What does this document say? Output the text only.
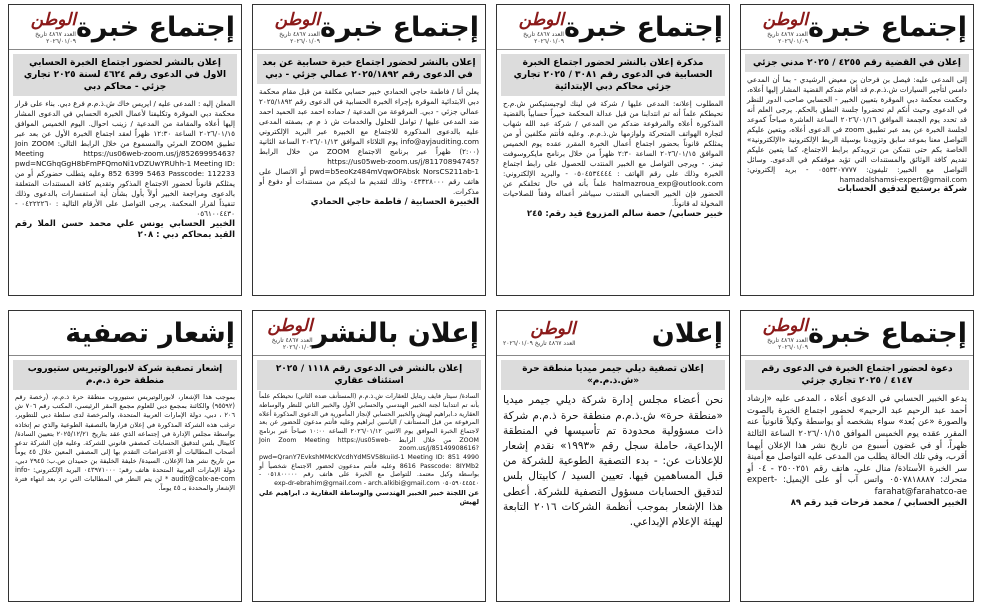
إجتماع خبرة
الوطن
العدد ٤٨٦٧ تاريخ ٢٠٢٦/٠١/٠٩
إعلان في القضية رقم ٤٢٥٥ / ٢٠٢٥ مدني جزئي

إلى المدعى عليه: فيصل بن فرحان بن معيض الرشيدي - بما أن المدعي دامس لتأجير السيارات ش.ذ.م.م قد أقام ضدكم القضية المشار إليها أعلاه، وحكمت محكمة دبي الموقرة بتعيين الخبير - الحسابي صاحب الدور للنظر في الدعوى وحيث أنكم لم تحضروا جلسة النطق بالحكم. يرجى العلم أنه قد تحدد يوم الجمعة الموافق ٢٠٢٦/٠١/١٦ الساعة العاشرة صباحاً كموعد لجلسة الخبرة عن بعد عبر تطبيق zoom في الدعوى أعلاه، ويتعين عليكم التواصل معنا بموعد سابق وتزويدنا بوسيلة الربط الإلكترونية «الإلكترونية» الخاصة بكم حتى نتمكن من تزويدكم برابط الاجتماع، كما يتعين عليكم تقديم كافة الوثائق والمستندات التي تؤيد موقفكم في الدعوى. وسائل التواصل مع الخبير: تليفون: ٠٥٥٣٢٠٧٧٧٧ - بريد إلكتروني: hamadalshamsi-expert@gmail.com

شركة برستيج لتدقيق الحسابات

إجتماع خبرة
الوطن
العدد ٤٨٦٧ تاريخ ٢٠٢٦/٠١/٠٩
مذكرة إعلان بالنشر لحضور اجتماع الخبرة الحسابية في الدعوى رقم ٣٠٨١ / ٢٠٢٥ تجاري جزئي محاكم دبي الإبتدائية

المطلوب إعلانه: المدعى عليها / شركة في لينك لوجيستيكس ش.م.ح نحيطكم علماً أنه تم انتدابنا من قبل عدالة المحكمة خبيراً حسابياً بالقضية المذكورة أعلاه والمرفوعة ضدكم من المدعي / شركة عبد الله شهاب لتجارة الهواتف المتحركة ولوازمها ش.ذ.م.م. وعليه فأنتم مكلفين أو من يمثلكم قانوناً بحضور اجتماع أعمال الخبرة المقرر عقده يوم الخميس الموافق ٢٠٢٦/٠١/١٥ الساعة ٢:٣٠ ظهراً من خلال برنامج مايكروسوفت تيمز. - ويرجى التواصل مع الخبير المنتدب للحصول على رابط اجتماع الخبرة وذلك على رقم الهاتف : ٠٥٠٤٥٣٤٤٤٤ - والبريد الإلكتروني: halmazroua_exp@outlook.com علماً بأنه في حال تخلفكم عن الحضور فإن الخبير الحسابي المنتدب سيباشر أعماله وفقاً للصلاحيات المخولة له قانوناً.

خبير حسابي/ حصة سالم المزروع قيد رقم: ٢٤٥

إجتماع خبرة
الوطن
العدد ٤٨٦٧ تاريخ ٢٠٢٦/٠١/٠٩
إعلان بالنشر لحضور اجتماع خبرة حسابية عن بعد في الدعوى رقم ٢٠٢٥/١٨٩٢ عمالي جزئي - دبي

يعلن أنا / فاطمة حاجي الحمادي خبير حسابي مكلفة من قبل مقام محكمة دبي الابتدائية الموقرة بإجراء الخبرة الحسابية في الدعوى رقم ٢٠٢٥/١٨٩٢ عمالي جزئي - دبي. المرفوعة من المدعية / حماده احمد عبد الحميد احمد ضد المدعى عليها / توامل للحلول والخدمات ش ذ م م. بصفته المدعى عليه بالدعوى المذكورة للاجتماع مع الخبيرة عبر البريد الإلكتروني info@ayjauditing.com يوم الثلاثاء الموافق ٢٠٢٦/٠١/١٣ الساعة الثانية (٢:٠٠) ظهراً عبر برنامج الاجتماع ZOOM من خلال الرابط https://us05web-zoom.us/j/81170894745?pwd=b5eoKz484mVqwOFAbsk NorsCS211ab-1 أو الاتصال على هاتف رقم ٠٤٣٣٢٨٠٠٠ وذلك لتقديم ما لديكم من مستندات أو دفوع أو مذكرات.

الخبيرة الحسابية / فاطمة حاجي الحمادي

إجتماع خبرة
الوطن
العدد ٤٨٦٧ تاريخ ٢٠٢٦/٠١/٠٩
إعلان بالنشر لحضور اجتماع الخبرة الحسابي الاول في الدعوى رقم ٤٦٢٤ لسنة ٢٠٢٥ تجاري جزئي - محاكم دبي

المعلن إليه : المدعى عليه / ايريس خاك ش.ذ.م.م فرع دبي. بناء على قرار محكمة دبي الموقرة وتكليفنا لأعمال الخبرة الحسابي في الدعوى المشار إليها أعلاه والمقامة من المدعية / زينب احوال. اليوم الخميس الموافق ٢٠٢٦/٠١/١٥ الساعة ١٢:٣٠ ظهراً لعقد اجتماع الخبرة الأول عن بعد عبر تطبيق ZOOM المرئي والمسموع من خلال الرابط التالي: Join ZOOM Meeting https://us06web-zoom.us/j/85269995463?pwd=NCGhqGgH8bFmPFQmoNi1vDZUwYRUhh-1 Meeting ID: 852 6399 5463 Passcode: 112233 وعليه يتطلب حضوركم أو من يمثلكم قانوناً لحضور الاجتماع المذكور وتقديم كافة المستندات المتعلقة بالدعوى ومراجعة الخبير أولاً بأول بشأن أية استفسارات بالدعوى وذلك تنفيذاً لقرار المحكمة. يرجى التواصل على الأرقام التالية : ٠٤٢٢٢٢٦٠ - ٠٥٦١٠٠٤٤٣٠

الخبير الحسابي يونس علي محمد حسن الملا رقم القيد بمحاكم دبي : ٢٠٨

إجتماع خبرة
الوطن
العدد ٤٨٦٧ تاريخ ٢٠٢٦/٠١/٠٩
دعوة لحضور اجتماع الخبرة في الدعوى رقم ٤١٤٧ / ٢٠٢٥ تجاري جزئي

يدعو الخبير الحسابي في الدعوى أعلاه ، المدعى عليه «إرشاد أحمد عبد الرحيم عبد الرحيم» لحضور اجتماع الخبرة بالصوت والصورة «عن بُعد» سواء بشخصه أو بواسطة وكيلاً قانونياً عنه المقرر عقده يوم الخميس الموافق ٢٠٢٦/٠١/١٥ الساعة الثالثة ظهراً، أو في غضون أسبوع من تاريخ نشر هذا الإعلان أيهما أقرب، وفي تلك الحالة يطلب من المدعى عليه التواصل مع أمينة سر الخبرة الأستاذة/ منال علي، هاتف رقم ٢٥٠٠٢٥١ - ٠٤ أو متحرك: ٠٥٠٧٨١٨٨٨٧ واتس آب أو على الإيميل: expert-farahat@farahatco-ae

الخبير الحسابي / محمد فرحات قيد رقم ٨٩

إعلان
الوطن
العدد ٤٨٦٧ تاريخ ٢٠٢٦/٠١/٠٩
إعلان تصفية ديلي جيمر ميديا منطقة حرة «ش.ذ.م.م»

نحن أعضاء مجلس إدارة شركة ديلي جيمر ميديا «منطقة حرة» ش.ذ.م.م منطقة حرة ذ.م.م شركة ذات مسؤولية محدودة تم تأسيسها في المنطقة الإبداعية، حاملة سجل رقم «١٩٩٣» نقدم إشعار للإعلانات عن: - بدء التصفية الطوعية للشركة من قبل المساهمين فيها. تعيين السيد / كابيتال بلس لتدقيق الحسابات مسؤول التصفية للشركة. أعطى هذا الإشعار بموجب أنظمة الشركات ٢٠١٦ التابعة لهيئة الإعلام الإبداعي.

إعلان بالنشر
الوطن
العدد ٤٨٦٧ تاريخ ٢٠٢٦/٠١/٠٩
إعلان بالنشر في الدعوى رقم ١١١٨ / ٢٠٢٥ استئناف عقاري

السادة/ سيتار فايف ريتايل للعقارات ش.ذ.م.م (المستأنف ضده الثاني) نحيطكم علماً بأنه تم انتدابنا لجنة الخبير الهندسي والحسابي الأول والخبير الثاني للنظر والوساطة العقارية د.ابراهيم لهيش والخبير الحسابي لإنجاز المأمورية في الدعوى المذكورة أعلاه المرفوعة من قبل المستأنف / الياسين ابراهيم وعليه فأنتم مدعون للحضور عن بعد لاجتماع الخبرة الموافق يوم الاثنين ٢٠٢٦/٠١/١٢ الساعة ١٠:٠٠ صباحاً عبر برنامج ZOOM من خلال الرابط Join Zoom Meeting https://us05web-zoom.us/j/85149908616?pwd=QranY7EvkshMMcKVcdhYdM5V58kuiid-1 Meeting ID: 851 4990 8616 Passcode: 8IYMb2 وعليه فأنتم مدعوون لحضور الاجتماع شخصياً أو بواسطة وكيل معتمد. للتواصل مع الخبرة على هاتف رقم ٠٥١٨٠٠٠٠٠ - ٠٥٠٥٩٠٤٤٥٤٠ exp-dr-ebrahim@gmail.com - arch.alkibi@gmail.com

عن اللجنة خبير الخبير الهندسي والوساطة العقارية د. ابراهيم علي لهيش

إشعار تصفية
إشعار تصفية شركة لابورالوتيريس ستيوروب منطقة حرة ذ.م.م

بموجب هذا الإشعار، لابورالوتيريس ستيوروب منطقة حرة ذ.م.م، (رخصة رقم (٩٥٥٩٢) والكائنة بمجمع دبي للعلوم مجمع المقر الرئيسي، المكتب رقم ٧٠٦ ش ٢٠٦ ، دبي، دولة الإمارات العربية المتحدة، والمرخصة لدى سلطة دبي للتطوير، ترغب هذه الشركة المذكورة في إعلان قرارها بالتصفية الطوعية والذي تم إتخاذه بواسطة مجلس الإدارة في إجتماعه الذي عقد بتاريخ ٢٠٢٥/١٢/٢١ بتعيين السادة/ كابيتال بلس لتدقيق الحسابات كمصفي قانوني للشركة. وعليه فإن الشركة تدعو أصحاب المطالبات أو الاعتراضات التقدم بها إلى المصفي المعين خلال ٤٥ يوماً من تاريخ نشر هذا الإعلان. السيدة/ خليفة الخليفة بن حميدان ص.ب: ٢٩٤٥ دبي، دولة الإمارات العربية المتحدة هاتف رقم: ٠٤٣٩٧١٠٠٠ البريد الإلكتروني: info-audit@calx-ae-com * لن يتم النظر في المطالبات التي ترد بعد انتهاء فترة الإشعار والمحددة بـ ٤٥ يوماً.
